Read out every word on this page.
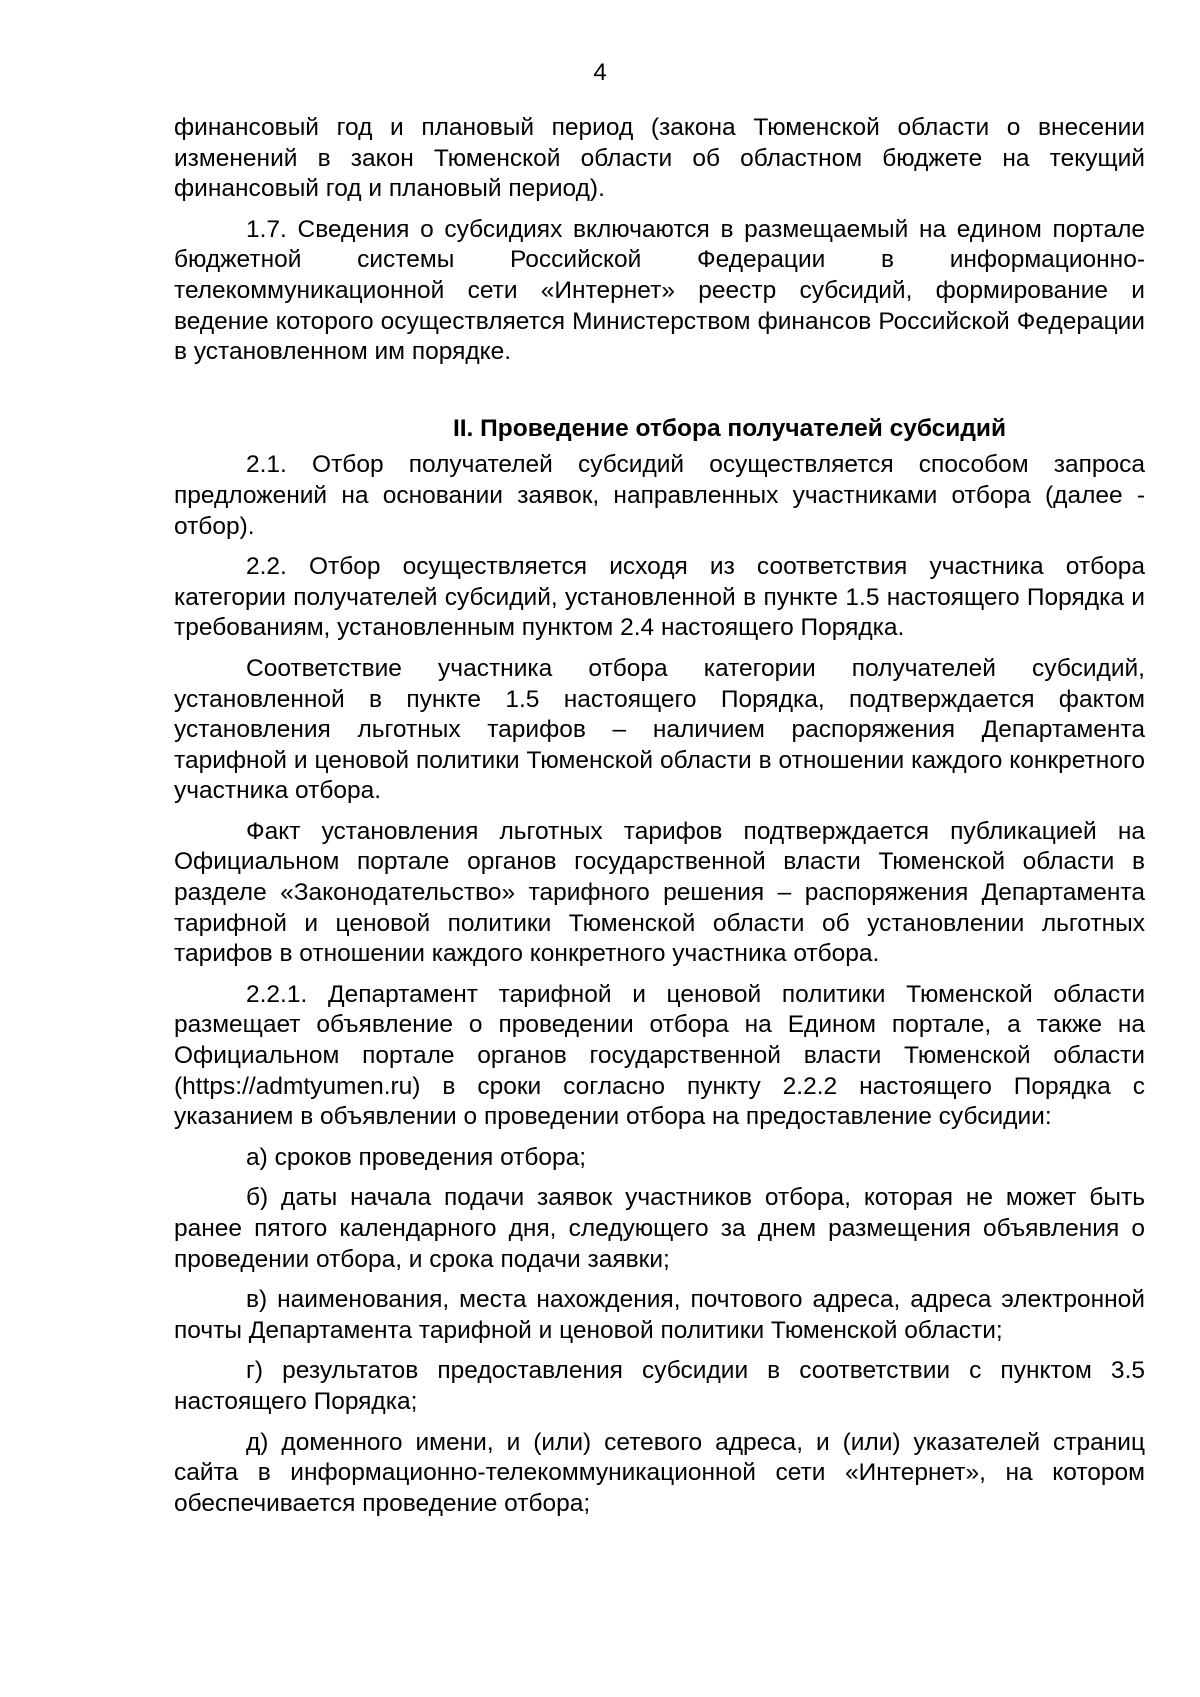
4

финансовый год и плановый период (закона Тюменской области о внесении изменений в закон Тюменской области об областном бюджете на текущий финансовый год и плановый период).

1.7. Сведения о субсидиях включаются в размещаемый на едином портале бюджетной системы Российской Федерации в информационно-телекоммуникационной сети «Интернет» реестр субсидий, формирование и ведение которого осуществляется Министерством финансов Российской Федерации в установленном им порядке.

II. Проведение отбора получателей субсидий

2.1. Отбор получателей субсидий осуществляется способом запроса предложений на основании заявок, направленных участниками отбора (далее - отбор).

2.2. Отбор осуществляется исходя из соответствия участника отбора категории получателей субсидий, установленной в пункте 1.5 настоящего Порядка и требованиям, установленным пунктом 2.4 настоящего Порядка.

Соответствие участника отбора категории получателей субсидий, установленной в пункте 1.5 настоящего Порядка, подтверждается фактом установления льготных тарифов – наличием распоряжения Департамента тарифной и ценовой политики Тюменской области в отношении каждого конкретного участника отбора.

Факт установления льготных тарифов подтверждается публикацией на Официальном портале органов государственной власти Тюменской области в разделе «Законодательство» тарифного решения – распоряжения Департамента тарифной и ценовой политики Тюменской области об установлении льготных тарифов в отношении каждого конкретного участника отбора.

2.2.1. Департамент тарифной и ценовой политики Тюменской области размещает объявление о проведении отбора на Едином портале, а также на Официальном портале органов государственной власти Тюменской области (https://admtyumen.ru) в сроки согласно пункту 2.2.2 настоящего Порядка с указанием в объявлении о проведении отбора на предоставление субсидии:

а) сроков проведения отбора;

б) даты начала подачи заявок участников отбора, которая не может быть ранее пятого календарного дня, следующего за днем размещения объявления о проведении отбора, и срока подачи заявки;

в) наименования, места нахождения, почтового адреса, адреса электронной почты Департамента тарифной и ценовой политики Тюменской области;

г) результатов предоставления субсидии в соответствии с пунктом 3.5 настоящего Порядка;

д) доменного имени, и (или) сетевого адреса, и (или) указателей страниц сайта в информационно-телекоммуникационной сети «Интернет», на котором обеспечивается проведение отбора;
